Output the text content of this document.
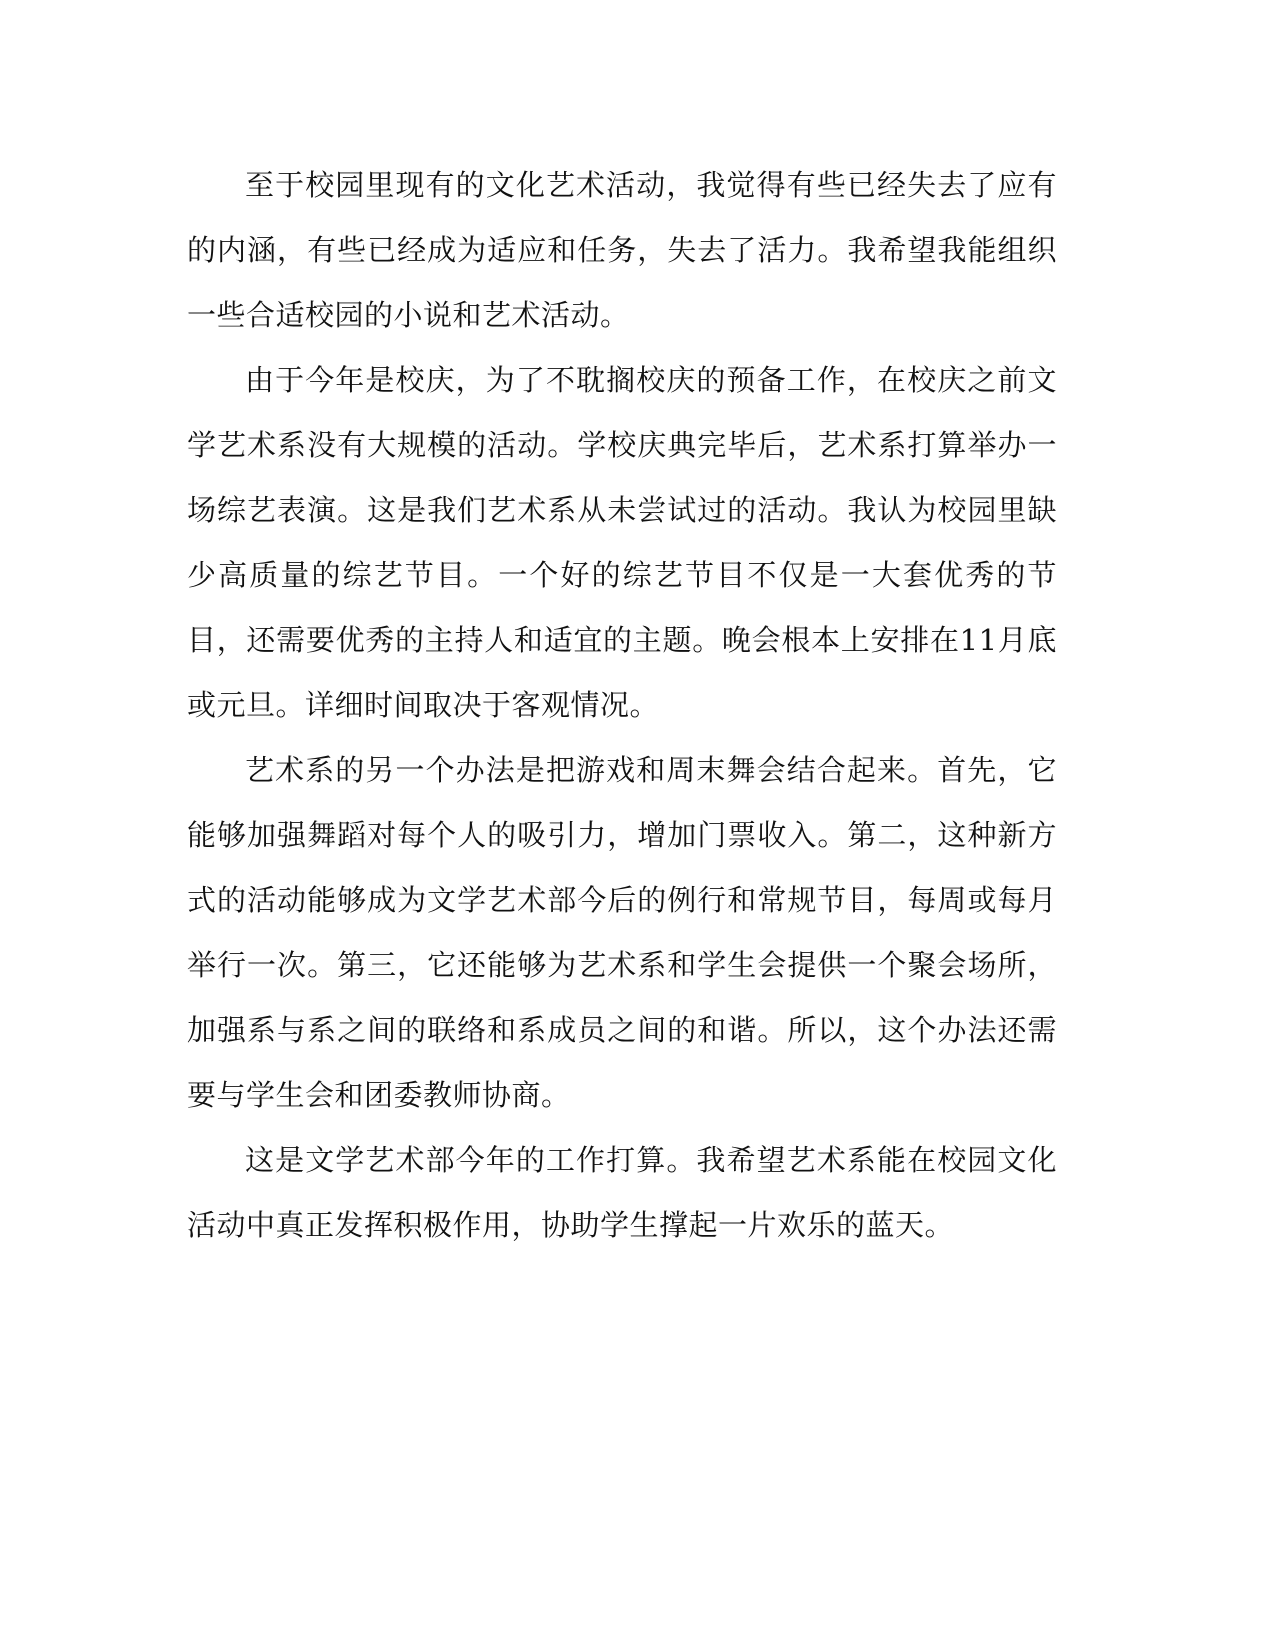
至于校园里现有的文化艺术活动，我觉得有些已经失去了应有的内涵，有些已经成为适应和任务，失去了活力。我希望我能组织一些合适校园的小说和艺术活动。

由于今年是校庆，为了不耽搁校庆的预备工作，在校庆之前文学艺术系没有大规模的活动。学校庆典完毕后，艺术系打算举办一场综艺表演。这是我们艺术系从未尝试过的活动。我认为校园里缺少高质量的综艺节目。一个好的综艺节目不仅是一大套优秀的节目，还需要优秀的主持人和适宜的主题。晚会根本上安排在11月底或元旦。详细时间取决于客观情况。

艺术系的另一个办法是把游戏和周末舞会结合起来。首先，它能够加强舞蹈对每个人的吸引力，增加门票收入。第二，这种新方式的活动能够成为文学艺术部今后的例行和常规节目，每周或每月举行一次。第三，它还能够为艺术系和学生会提供一个聚会场所，加强系与系之间的联络和系成员之间的和谐。所以，这个办法还需要与学生会和团委教师协商。

这是文学艺术部今年的工作打算。我希望艺术系能在校园文化活动中真正发挥积极作用，协助学生撑起一片欢乐的蓝天。
